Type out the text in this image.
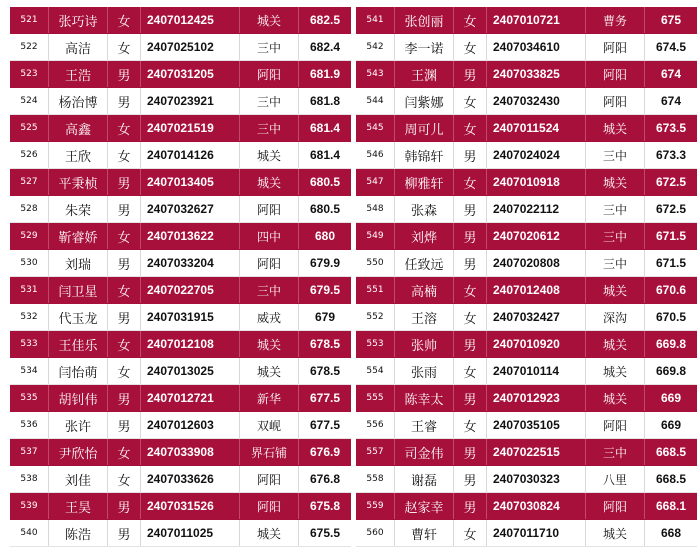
521	张巧诗	女	2407012425	城关	682.5
522	高洁	女	2407025102	三中	682.4
523	王浩	男	2407031205	阿阳	681.9
524	杨治博	男	2407023921	三中	681.8
525	高鑫	女	2407021519	三中	681.4
526	王欣	女	2407014126	城关	681.4
527	平秉桢	男	2407013405	城关	680.5
528	朱荣	男	2407032627	阿阳	680.5
529	靳睿娇	女	2407013622	四中	680
530	刘瑞	男	2407033204	阿阳	679.9
531	闫卫星	女	2407022705	三中	679.5
532	代玉龙	男	2407031915	威戎	679
533	王佳乐	女	2407012108	城关	678.5
534	闫怡萌	女	2407013025	城关	678.5
535	胡钊伟	男	2407012721	新华	677.5
536	张许	男	2407012603	双岘	677.5
537	尹欣怡	女	2407033908	界石铺	676.9
538	刘佳	女	2407033626	阿阳	676.8
539	王昊	男	2407031526	阿阳	675.8
540	陈浩	男	2407011025	城关	675.5
541	张创丽	女	2407010721	曹务	675
542	李一诺	女	2407034610	阿阳	674.5
543	王渊	男	2407033825	阿阳	674
544	闫紫娜	女	2407032430	阿阳	674
545	周可儿	女	2407011524	城关	673.5
546	韩锦轩	男	2407024024	三中	673.3
547	柳雅轩	女	2407010918	城关	672.5
548	张森	男	2407022112	三中	672.5
549	刘烨	男	2407020612	三中	671.5
550	任致远	男	2407020808	三中	671.5
551	高楠	女	2407012408	城关	670.6
552	王溶	女	2407032427	深沟	670.5
553	张帅	男	2407010920	城关	669.8
554	张雨	女	2407010114	城关	669.8
555	陈幸太	男	2407012923	城关	669
556	王睿	女	2407035105	阿阳	669
557	司金伟	男	2407022515	三中	668.5
558	谢磊	男	2407030323	八里	668.5
559	赵家幸	男	2407030824	阿阳	668.1
560	曹轩	女	2407011710	城关	668
